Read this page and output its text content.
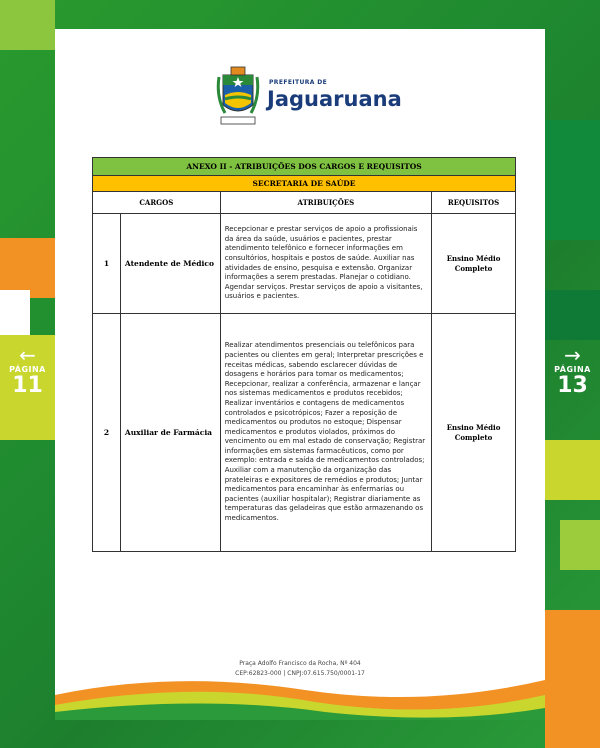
←
PÁGINA
11
→
PÁGINA
13
PREFEITURA DE
Jaguaruana
ANEXO II - ATRIBUIÇÕES DOS CARGOS E REQUISITOS			
SECRETARIA DE SAÚDE			
CARGOS		ATRIBUIÇÕES	REQUISITOS
1	Atendente de Médico	Recepcionar e prestar serviços de apoio a profissionais da área da saúde, usuários e pacientes, prestar atendimento telefônico e fornecer informações em consultórios, hospitais e postos de saúde. Auxiliar nas atividades de ensino, pesquisa e extensão. Organizar informações a serem prestadas. Planejar o cotidiano. Agendar serviços. Prestar serviços de apoio a visitantes, usuários e pacientes.	Ensino Médio Completo
2	Auxiliar de Farmácia	Realizar atendimentos presenciais ou telefônicos para pacientes ou clientes em geral; Interpretar prescrições e receitas médicas, sabendo esclarecer dúvidas de dosagens e horários para tomar os medicamentos; Recepcionar, realizar a conferência, armazenar e lançar nos sistemas medicamentos e produtos recebidos; Realizar inventários e contagens de medicamentos controlados e psicotrópicos; Fazer a reposição de medicamentos ou produtos no estoque; Dispensar medicamentos e produtos violados, próximos do vencimento ou em mal estado de conservação; Registrar informações em sistemas farmacêuticos, como por exemplo: entrada e saída de medicamentos controlados; Auxiliar com a manutenção da organização das prateleiras e expositores de remédios e produtos; Juntar medicamentos para encaminhar às enfermarias ou pacientes (auxiliar hospitalar); Registrar diariamente as temperaturas das geladeiras que estão armazenando os medicamentos.	Ensino Médio Completo
Praça Adolfo Francisco da Rocha, Nº 404
CEP:62823-000 | CNPJ:07.615.750/0001-17
